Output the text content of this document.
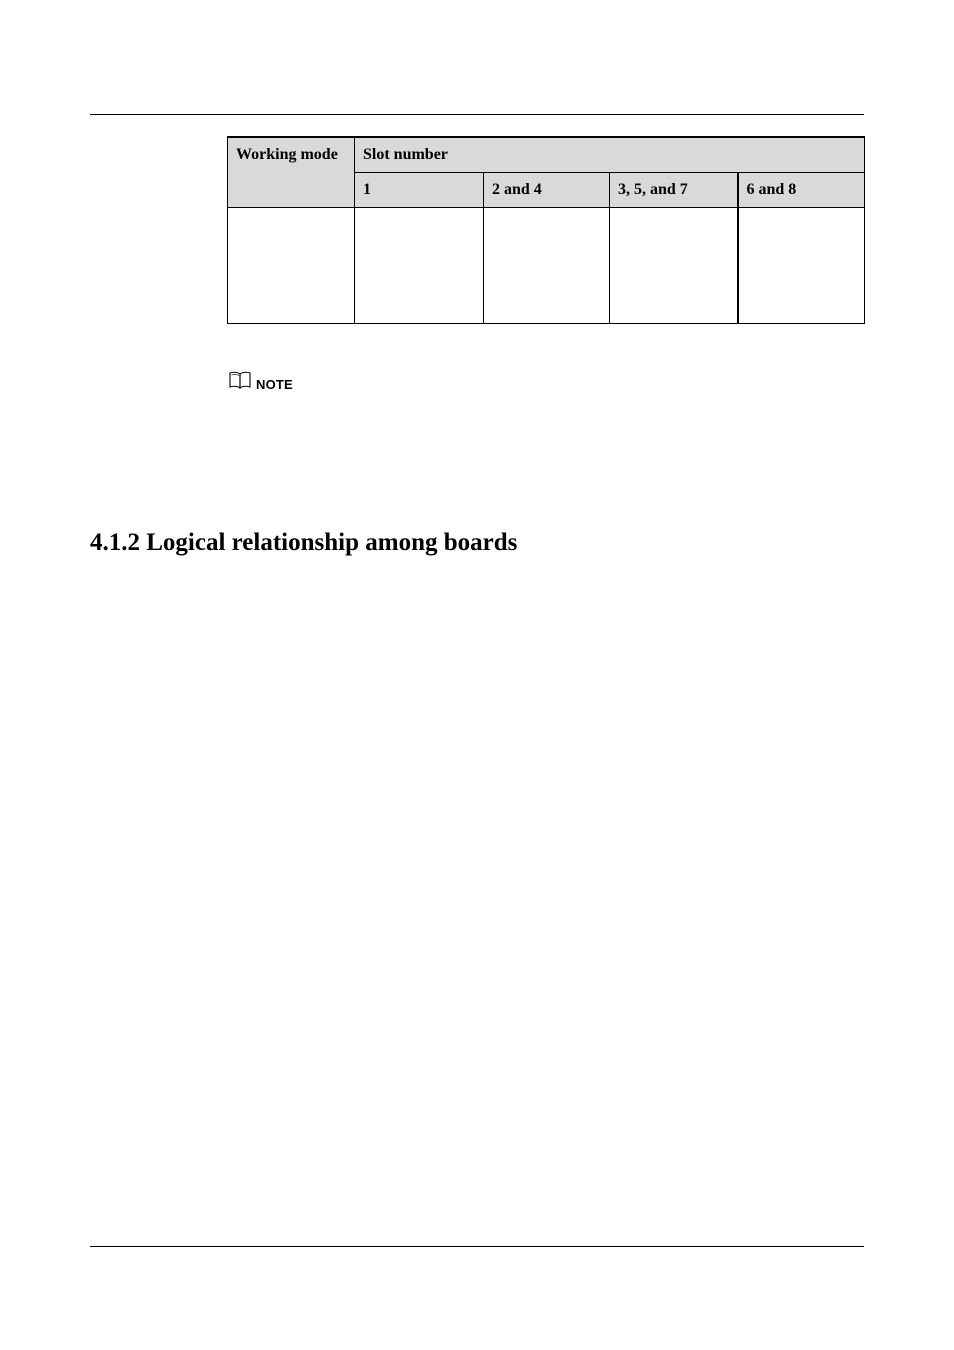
Working mode	Slot number			
	1	2 and 4	3, 5, and 7	6 and 8

NOTE
4.1.2 Logical relationship among boards
